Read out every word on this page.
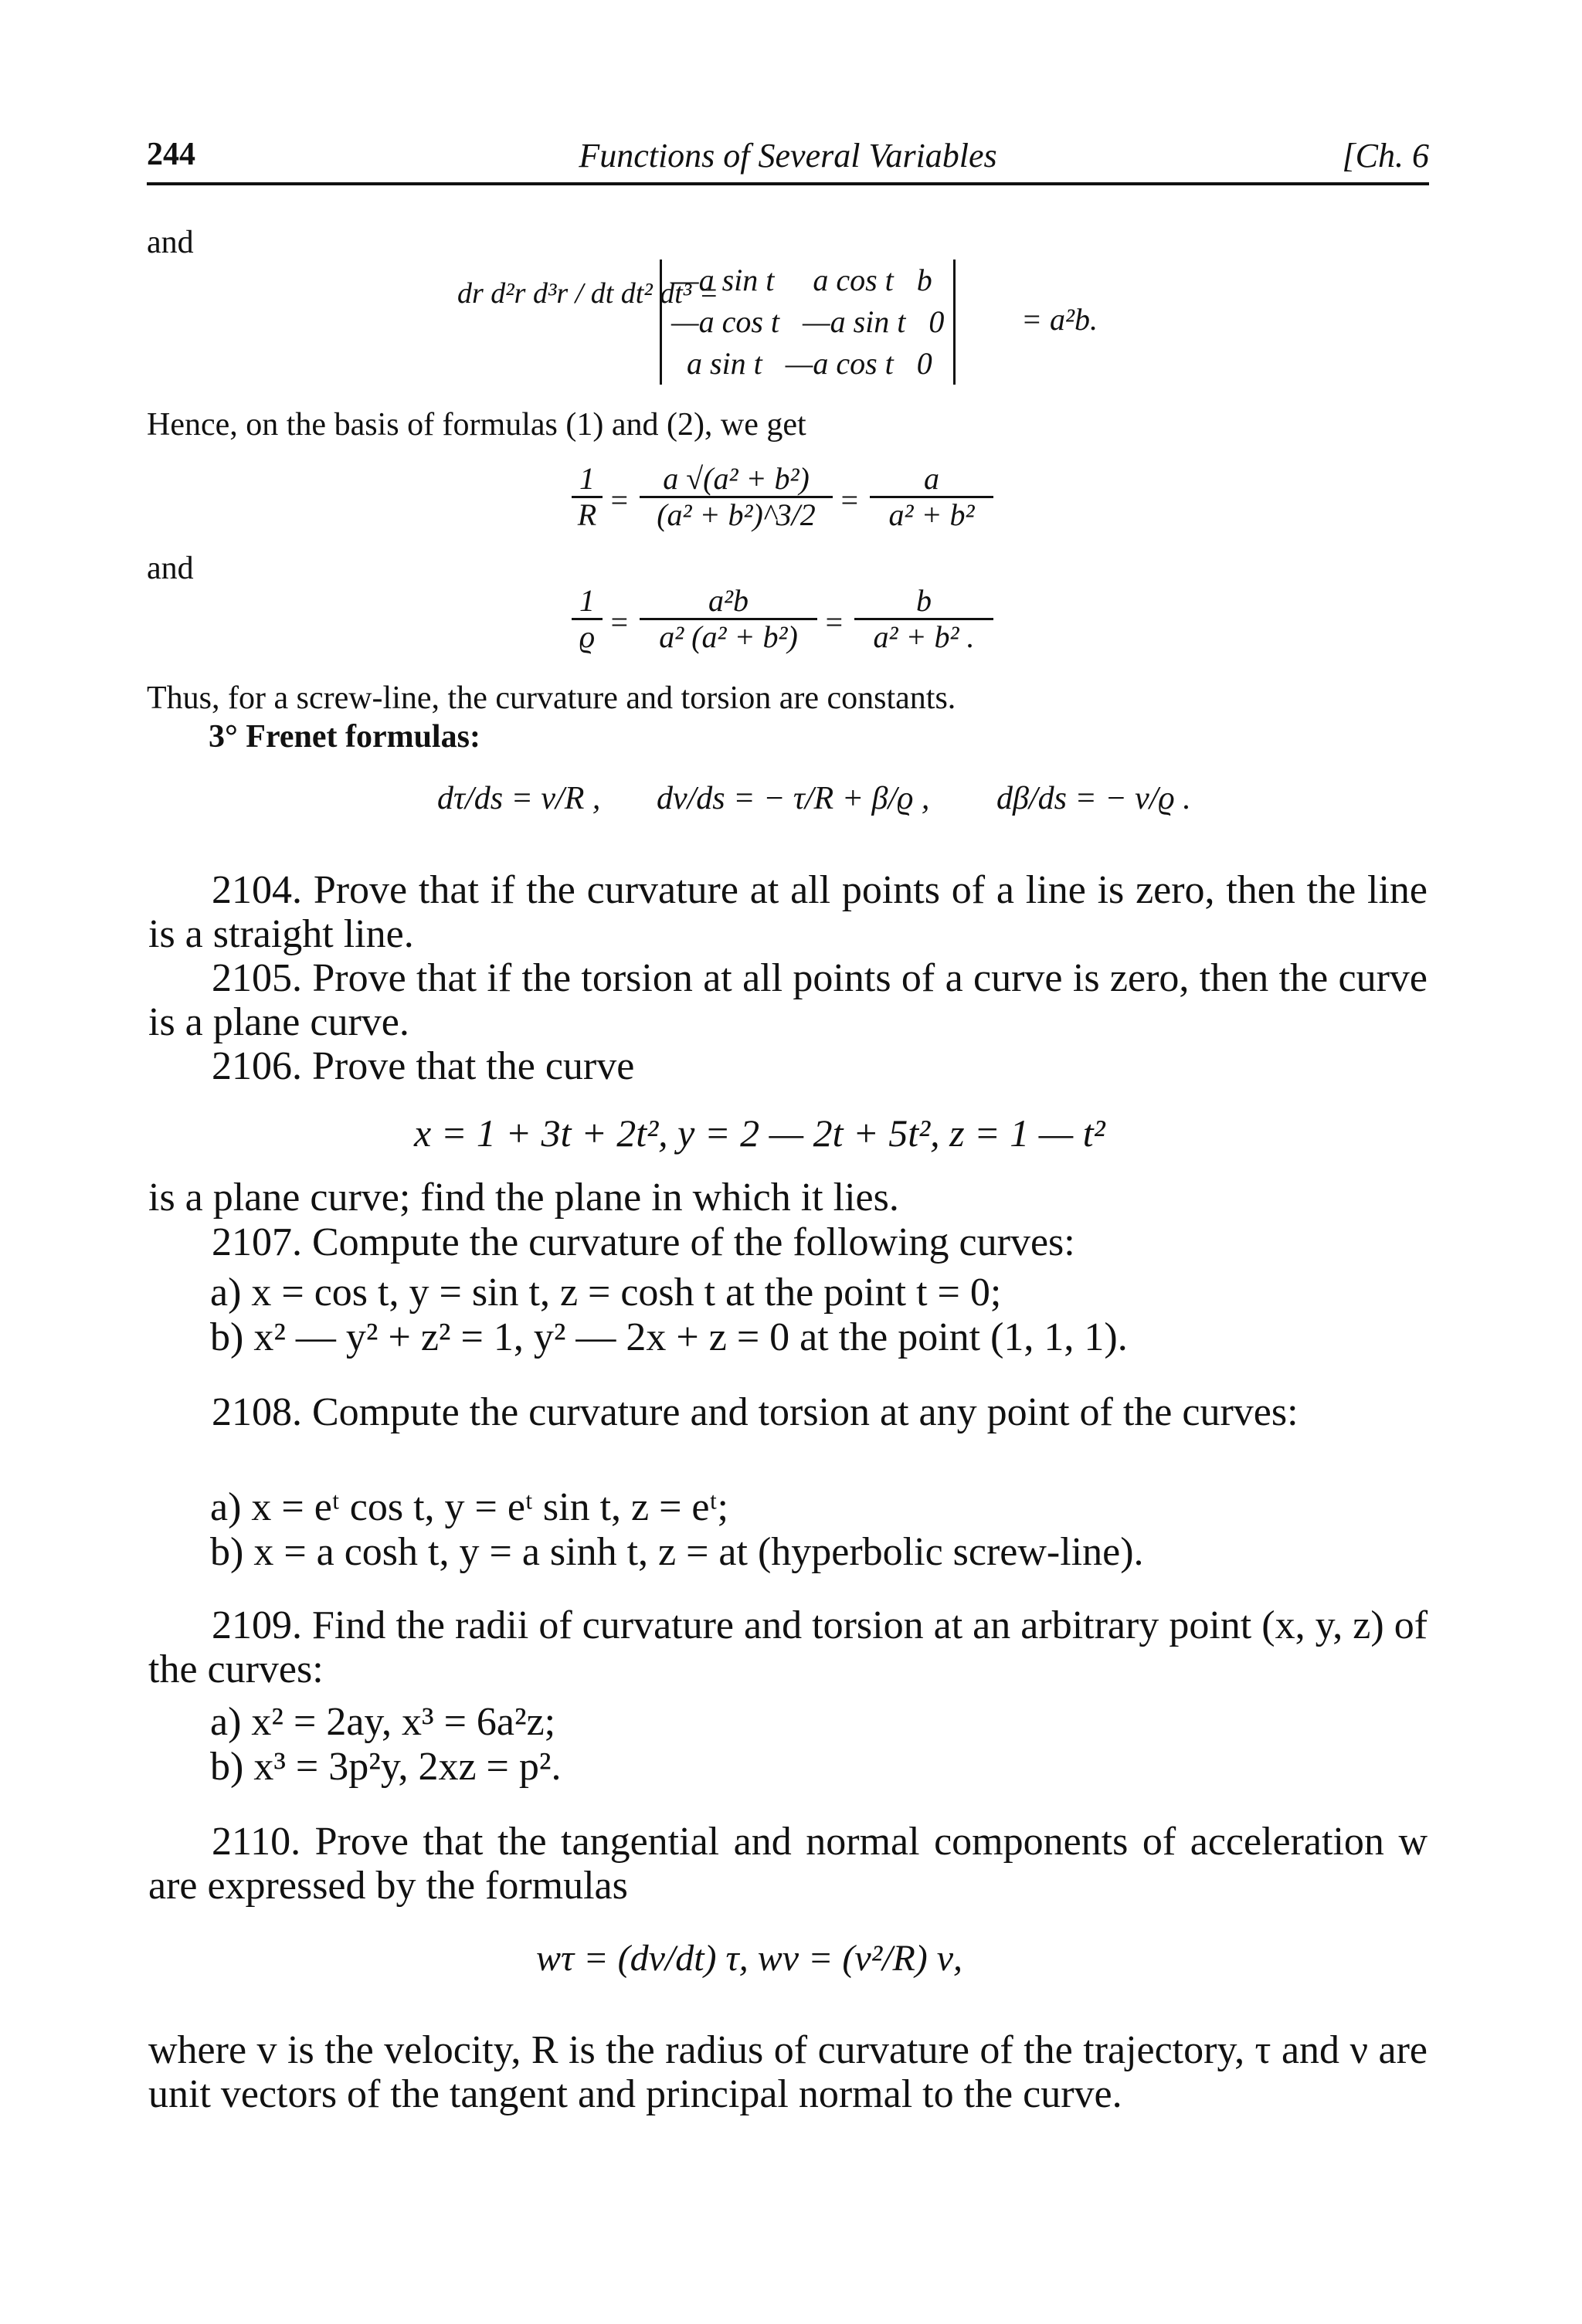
244	Functions of Several Variables	[Ch. 6
and
dr d²r d³r / dt dt² dt³ =
—a sin t     a cos t   b
—a cos t   —a sin t   0
a sin t   —a cos t   0
= a²b.
Hence, on the basis of formulas (1) and (2), we get
$\frac{1}{R} = \frac{\text{a √(a² + b²)}}{\text{(a² + b²)\textasciicircum{}3/2}} = \frac{a}{\text{a² + b²}}$
and
$\frac{1}{ϱ} = \frac{\text{a²b}}{\text{a² (a² + b²)}} = \frac{b}{\text{a² + b² .}}$
Thus, for a screw-line, the curvature and torsion are constants.
3° Frenet formulas:
dτ/ds = ν/R , dν/ds = − τ/R + β/ϱ , dβ/ds = − ν/ϱ .
2104. Prove that if the curvature at all points of a line is zero, then the line is a straight line.
2105. Prove that if the torsion at all points of a curve is zero, then the curve is a plane curve.
2106. Prove that the curve
x = 1 + 3t + 2t², y = 2 — 2t + 5t², z = 1 — t²
is a plane curve; find the plane in which it lies.
2107. Compute the curvature of the following curves:
a) x = cos t, y = sin t, z = cosh t at the point t = 0;
b) x² — y² + z² = 1, y² — 2x + z = 0 at the point (1, 1, 1).
2108. Compute the curvature and torsion at any point of the curves:
a) x = eᵗ cos t, y = eᵗ sin t, z = eᵗ;
b) x = a cosh t, y = a sinh t, z = at (hyperbolic screw-line).
2109. Find the radii of curvature and torsion at an arbitrary point (x, y, z) of the curves:
a) x² = 2ay, x³ = 6a²z;
b) x³ = 3p²y, 2xz = p².
2110. Prove that the tangential and normal components of acceleration w are expressed by the formulas
wτ = (dv/dt) τ, wν = (v²/R) ν,
where v is the velocity, R is the radius of curvature of the trajectory, τ and ν are unit vectors of the tangent and principal normal to the curve.
